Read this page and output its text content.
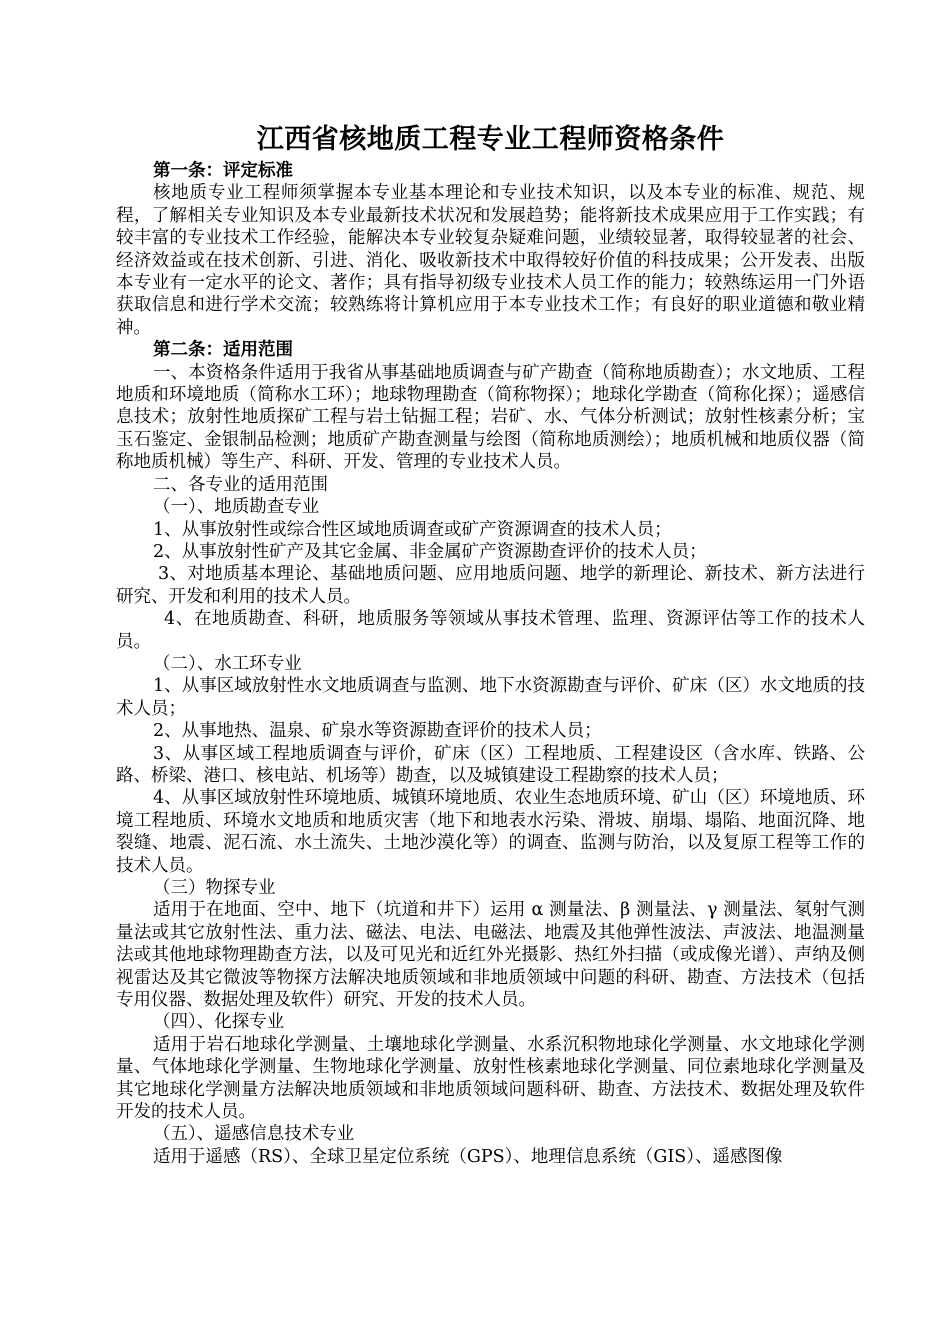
江西省核地质工程专业工程师资格条件

第一条：评定标准

核地质专业工程师须掌握本专业基本理论和专业技术知识，以及本专业的标准、规范、规程，了解相关专业知识及本专业最新技术状况和发展趋势；能将新技术成果应用于工作实践；有较丰富的专业技术工作经验，能解决本专业较复杂疑难问题，业绩较显著，取得较显著的社会、经济效益或在技术创新、引进、消化、吸收新技术中取得较好价值的科技成果；公开发表、出版本专业有一定水平的论文、著作；具有指导初级专业技术人员工作的能力；较熟练运用一门外语获取信息和进行学术交流；较熟练将计算机应用于本专业技术工作；有良好的职业道德和敬业精神。

第二条：适用范围

一、本资格条件适用于我省从事基础地质调查与矿产勘查（简称地质勘查）；水文地质、工程地质和环境地质（简称水工环）；地球物理勘查（简称物探）；地球化学勘查（简称化探）；遥感信息技术；放射性地质探矿工程与岩土钻掘工程；岩矿、水、气体分析测试；放射性核素分析；宝玉石鉴定、金银制品检测；地质矿产勘查测量与绘图（简称地质测绘）；地质机械和地质仪器（简称地质机械）等生产、科研、开发、管理的专业技术人员。

二、各专业的适用范围

（一）、地质勘查专业

1、从事放射性或综合性区域地质调查或矿产资源调查的技术人员；

2、从事放射性矿产及其它金属、非金属矿产资源勘查评价的技术人员；

3、对地质基本理论、基础地质问题、应用地质问题、地学的新理论、新技术、新方法进行研究、开发和利用的技术人员。

4、在地质勘查、科研，地质服务等领域从事技术管理、监理、资源评估等工作的技术人员。

（二）、水工环专业

1、从事区域放射性水文地质调查与监测、地下水资源勘查与评价、矿床（区）水文地质的技术人员；

2、从事地热、温泉、矿泉水等资源勘查评价的技术人员；

3、从事区域工程地质调查与评价，矿床（区）工程地质、工程建设区（含水库、铁路、公路、桥梁、港口、核电站、机场等）勘查，以及城镇建设工程勘察的技术人员；

4、从事区域放射性环境地质、城镇环境地质、农业生态地质环境、矿山（区）环境地质、环境工程地质、环境水文地质和地质灾害（地下和地表水污染、滑坡、崩塌、塌陷、地面沉降、地裂缝、地震、泥石流、水土流失、土地沙漠化等）的调查、监测与防治，以及复原工程等工作的技术人员。

（三）物探专业

适用于在地面、空中、地下（坑道和井下）运用 α 测量法、β 测量法、γ 测量法、氡射气测量法或其它放射性法、重力法、磁法、电法、电磁法、地震及其他弹性波法、声波法、地温测量法或其他地球物理勘查方法，以及可见光和近红外光摄影、热红外扫描（或成像光谱）、声纳及侧视雷达及其它微波等物探方法解决地质领域和非地质领域中问题的科研、勘查、方法技术（包括专用仪器、数据处理及软件）研究、开发的技术人员。

（四）、化探专业

适用于岩石地球化学测量、土壤地球化学测量、水系沉积物地球化学测量、水文地球化学测量、气体地球化学测量、生物地球化学测量、放射性核素地球化学测量、同位素地球化学测量及其它地球化学测量方法解决地质领域和非地质领域问题科研、勘查、方法技术、数据处理及软件开发的技术人员。

（五）、遥感信息技术专业

适用于遥感（RS）、全球卫星定位系统（GPS）、地理信息系统（GIS）、遥感图像
